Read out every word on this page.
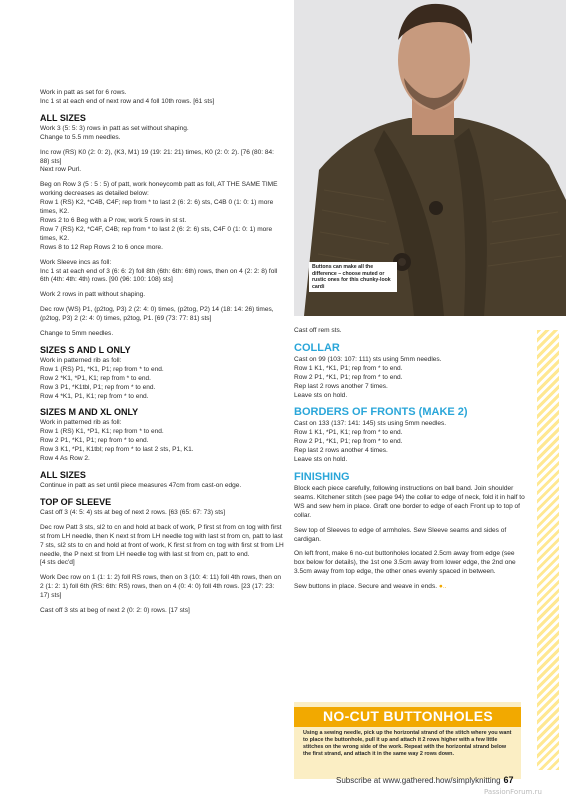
Buttons can make all the difference – choose muted or rustic ones for this chunky-look cardi

Work in patt as set for 6 rows.

Inc 1 st at each end of next row and 4 foll 10th rows. [61 sts]

ALL SIZES

Work 3 (5: 5: 3) rows in patt as set without shaping.

Change to 5.5 mm needles.

Inc row (RS) K0 (2: 0: 2), (K3, M1) 19 (19: 21: 21) times, K0 (2: 0: 2). [76 (80: 84: 88) sts]

Next row Purl.

Beg on Row 3 (5 : 5 : 5) of patt, work honeycomb patt as foll, AT THE SAME TIME working decreases as detailed below:

Row 1 (RS) K2, *C4B, C4F; rep from * to last 2 (6: 2: 6) sts, C4B 0 (1: 0: 1) more times, K2.

Rows 2 to 6 Beg with a P row, work 5 rows in st st.

Row 7 (RS) K2, *C4F, C4B; rep from * to last 2 (6: 2: 6) sts, C4F 0 (1: 0: 1) more times, K2.

Rows 8 to 12 Rep Rows 2 to 6 once more.

Work Sleeve incs as foll:

Inc 1 st at each end of 3 (6: 6: 2) foll 8th (6th: 6th: 6th) rows, then on 4 (2: 2: 8) foll 6th (4th: 4th: 4th) rows. [90 (96: 100: 108) sts]

Work 2 rows in patt without shaping.

Dec row (WS) P1, (p2tog, P3) 2 (2: 4: 0) times, (p2tog, P2) 14 (18: 14: 26) times, (p2tog, P3) 2 (2: 4: 0) times, p2tog, P1. [69 (73: 77: 81) sts]

Change to 5mm needles.

SIZES S AND L ONLY

Work in patterned rib as foll:

Row 1 (RS) P1, *K1, P1; rep from * to end.

Row 2 *K1, *P1, K1; rep from * to end.

Row 3 P1, *K1tbl, P1; rep from * to end.

Row 4 *K1, P1, K1; rep from * to end.

SIZES M AND XL ONLY

Work in patterned rib as foll:

Row 1 (RS) K1, *P1, K1; rep from * to end.

Row 2 P1, *K1, P1; rep from * to end.

Row 3 K1, *P1, K1tbl; rep from * to last 2 sts, P1, K1.

Row 4 As Row 2.

ALL SIZES

Continue in patt as set until piece measures 47cm from cast-on edge.

TOP OF SLEEVE

Cast off 3 (4: 5: 4) sts at beg of next 2 rows. [63 (65: 67: 73) sts]

Dec row Patt 3 sts, sl2 to cn and hold at back of work, P first st from cn tog with first st from LH needle, then K next st from LH needle tog with last st from cn, patt to last 7 sts, sl2 sts to cn and hold at front of work, K first st from cn tog with first st from LH needle, the P next st from LH needle tog with last st from cn, patt to end.

[4 sts dec'd]

Work Dec row on 1 (1: 1: 2) foll RS rows, then on 3 (10: 4: 11) foll 4th rows, then on 2 (1: 2: 1) foll 6th (RS: 6th: RS) rows, then on 4 (0: 4: 0) foll 4th rows. [23 (17: 23: 17) sts]

Cast off 3 sts at beg of next 2 (0: 2: 0) rows. [17 sts]

Cast off rem sts.

COLLAR

Cast on 99 (103: 107: 111) sts using 5mm needles.

Row 1 K1, *K1, P1; rep from * to end.

Row 2 P1, *K1, P1; rep from * to end.

Rep last 2 rows another 7 times.

Leave sts on hold.

BORDERS OF FRONTS (MAKE 2)

Cast on 133 (137: 141: 145) sts using 5mm needles.

Row 1 K1, *P1, K1; rep from * to end.

Row 2 P1, *K1, P1; rep from * to end.

Rep last 2 rows another 4 times.

Leave sts on hold.

FINISHING

Block each piece carefully, following instructions on ball band. Join shoulder seams. Kitchener stitch (see page 94) the collar to edge of neck, fold it in half to WS and sew hem in place. Graft one border to edge of each Front up to top of collar.

Sew top of Sleeves to edge of armholes. Sew Sleeve seams and sides of cardigan.

On left front, make 6 no-cut buttonholes located 2.5cm away from edge (see box below for details), the 1st one 3.5cm away from lower edge, the 2nd one 3.5cm away from top edge, the other ones evenly spaced in between.

Sew buttons in place. Secure and weave in ends. ●..

NO-CUT BUTTONHOLES
Using a sewing needle, pick up the horizontal strand of the stitch where you want to place the buttonhole, pull it up and attach it 2 rows higher with a few little stitches on the wrong side of the work. Repeat with the horizontal strand below the first strand, and attach it in the same way 2 rows down.
Subscribe at www.gathered.how/simplyknitting 67
PassionForum.ru
